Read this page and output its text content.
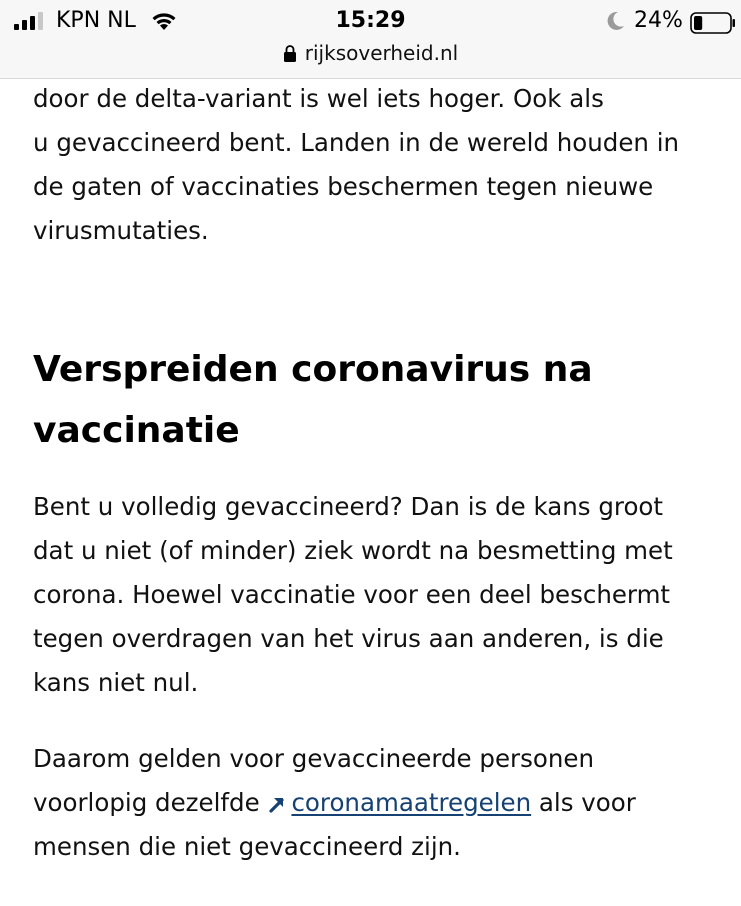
KPN NL	15:29	24%
rijksoverheid.nl

door de delta-variant is wel iets hoger. Ook als
u gevaccineerd bent. Landen in de wereld houden in
de gaten of vaccinaties beschermen tegen nieuwe
virusmutaties.

Verspreiden coronavirus na
vaccinatie

Bent u volledig gevaccineerd? Dan is de kans groot
dat u niet (of minder) ziek wordt na besmetting met
corona. Hoewel vaccinatie voor een deel beschermt
tegen overdragen van het virus aan anderen, is die
kans niet nul.

Daarom gelden voor gevaccineerde personen
voorlopig dezelfde coronamaatregelen als voor
mensen die niet gevaccineerd zijn.
